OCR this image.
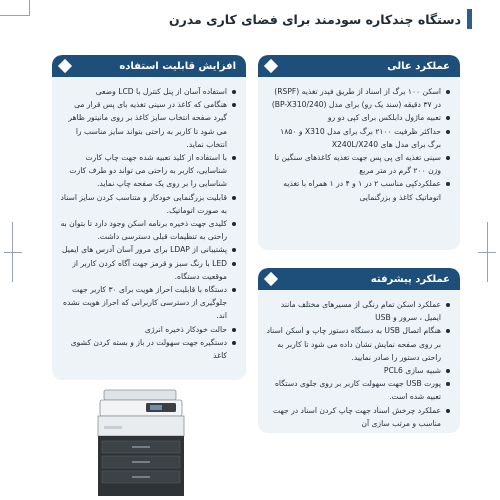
دستگاه چندکاره سودمند برای فضای کاری مدرن
عملکرد عالی
اسکن ۱۰۰ برگ از اسناد از طریق فیدر تغذیه (RSPF) در ۳۷ دقیقه (سند یک رو) برای مدل (BP-X310/240)
تعبیه ماژول دابلکس برای کپی دو رو
حداکثر ظرفیت ۲۱۰۰ برگ برای مدل X310 و ۱۸۵۰ برگ برای مدل های X240L/X240
سینی تغذیه ای پی پس جهت تغذیه کاغذهای سنگین تا وزن ۲۰۰ گرم در متر مربع
عملکردکپی مناسب ۲ در ۱ و ۴ در ۱ همراه با تغذیه اتوماتیک کاغذ و بزرگنمایی
عملکرد پیشرفته
عملکرد اسکن تمام رنگی از مسیرهای مختلف مانند ایمیل ، سرور و USB
هنگام اتصال USB به دستگاه دستور چاپ و اسکن اسناد بر روی صفحه نمایش نشان داده می شود تا کاربر به راحتی دستور را صادر نمایید.
شبیه سازی PCL6
پورت USB جهت سهولت کاربر بر روی جلوی دستگاه تعبیه شده است.
عملکرد چرخش اسناد جهت چاپ کردن اسناد در جهت مناسب و مرتب سازی آن
افزایش قابلیت استفاده
استفاده آسان از پنل کنترل با LCD وضعی
هنگامی که کاغذ در سینی تغذیه بای پس قرار می گیرد صفحه انتخاب سایز کاغذ بر روی مانیتور ظاهر می شود تا کاربر به راحتی بتواند سایز مناسب را انتخاب نماید.
با استفاده از کلید تعبیه شده جهت چاپ کارت شناسایی، کاربر به راحتی می تواند دو طرف کارت شناسایی را بر روی یک صفحه چاپ نماید.
قابلیت بزرگنمایی خودکار و متناسب کردن سایز اسناد به صورت اتوماتیک.
کلیدی جهت ذخیره برنامه اسکن وجود دارد تا بتوان به راحتی به تنظیمات قبلی دسترسی داشت.
پشتیبانی از LDAP برای مرور آسان آدرس های ایمیل
LED با رنگ سبز و قرمز جهت آگاه کردن کاربر از موقعیت دستگاه.
دستگاه با قابلیت احراز هویت برای ۳۰ کاربر جهت جلوگیری از دسترسی کاربرانی که احراز هویت نشده اند.
حالت خودکار ذخیره انرژی
دستگیره جهت سهولت در باز و بسته کردن کشوی کاغذ
